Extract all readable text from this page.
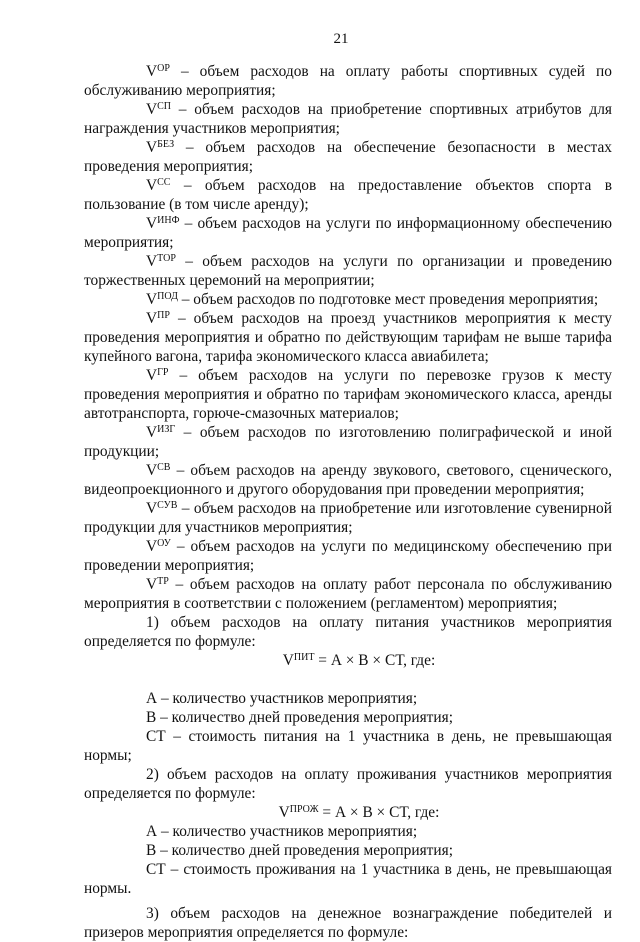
21

$V^{ОР}$ – объем расходов на оплату работы спортивных судей по обслуживанию мероприятия;

$V^{СП}$ – объем расходов на приобретение спортивных атрибутов для награждения участников мероприятия;

$V^{БЕЗ}$ – объем расходов на обеспечение безопасности в местах проведения мероприятия;

$V^{СС}$ – объем расходов на предоставление объектов спорта в пользование (в том числе аренду);

$V^{ИНФ}$ – объем расходов на услуги по информационному обеспечению мероприятия;

$V^{ТОР}$ – объем расходов на услуги по организации и проведению торжественных церемоний на мероприятии;

$V^{ПОД}$ – объем расходов по подготовке мест проведения мероприятия;

$V^{ПР}$ – объем расходов на проезд участников мероприятия к месту проведения мероприятия и обратно по действующим тарифам не выше тарифа купейного вагона, тарифа экономического класса авиабилета;

$V^{ГР}$ – объем расходов на услуги по перевозке грузов к месту проведения мероприятия и обратно по тарифам экономического класса, аренды автотранспорта, горюче-смазочных материалов;

$V^{ИЗГ}$ – объем расходов по изготовлению полиграфической и иной продукции;

$V^{СВ}$ – объем расходов на аренду звукового, светового, сценического, видеопроекционного и другого оборудования при проведении мероприятия;

$V^{СУВ}$ – объем расходов на приобретение или изготовление сувенирной продукции для участников мероприятия;

$V^{ОУ}$ – объем расходов на услуги по медицинскому обеспечению при проведении мероприятия;

$V^{ТР}$ – объем расходов на оплату работ персонала по обслуживанию мероприятия в соответствии с положением (регламентом) мероприятия;

1) объем расходов на оплату питания участников мероприятия определяется по формуле:

$V^{ПИТ} = А \times В$ × СТ, где:

А – количество участников мероприятия;

В – количество дней проведения мероприятия;

СТ – стоимость питания на 1 участника в день, не превышающая нормы;

2) объем расходов на оплату проживания участников мероприятия определяется по формуле:

$V^{ПРОЖ} = А \times В$ × СТ, где:

А – количество участников мероприятия;

В – количество дней проведения мероприятия;

СТ – стоимость проживания на 1 участника в день, не превышающая нормы.

3) объем расходов на денежное вознаграждение победителей и призеров мероприятия определяется по формуле:
